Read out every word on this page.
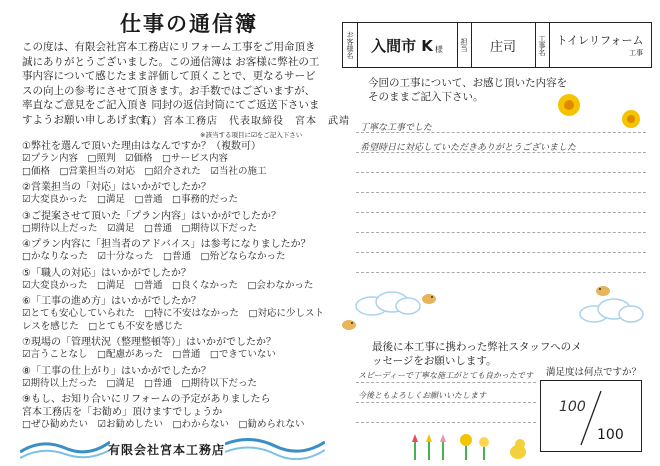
仕事の通信簿
この度は、有限会社宮本工務店にリフォーム工事をご用命頂き誠にありがとうございました。この通信簿は お客様に弊社の工事内容について感じたまま評価して頂くことで、更なるサービスの向上の参考にさせて頂きます。お手数ではございますが、率直なご意見をご記入頂き 同封の返信封筒にてご返送下さいますようお願い申しあげます。
（有）宮本工務店　代表取締役　宮本　武靖
※該当する項目に☑をご記入下さい
①弊社を選んで頂いた理由はなんですか？（複数可）
☑プラン内容　□照判　☑価格　□サービス内容
□価格　□営業担当の対応　□紹介された　☑当社の施工
②営業担当の「対応」はいかがでしたか？
☑大変良かった　□満足　□普通　□事務的だった
③ご提案させて頂いた「プラン内容」はいかがでしたか？
□期待以上だった　☑満足　□普通　□期待以下だった
④プラン内容に「担当者のアドバイス」は参考になりましたか？
□かなりなった　☑十分なった　□普通　□殆どならなかった
⑤「職人の対応」はいかがでしたか？
☑大変良かった　□満足　□普通　□良くなかった　□会わなかった
⑥「工事の進め方」はいかがでしたか？
☑とても安心していられた　□特に不安はなかった　□対応に少しスト
レスを感じた　□とても不安を感じた
⑦現場の「管理状況（整理整頓等）」はいかがでしたか？
☑言うことなし　□配慮があった　□普通　□できていない
⑧「工事の仕上がり」はいかがでしたか？
☑期待以上だった　□満足　□普通　□期待以下だった
⑨もし、お知り合いにリフォームの予定がありましたら
宮本工務店を「お勧め」頂けますでしょうか
□ぜひ勧めたい　☑お勧めしたい　□わからない　□勧められない
有限会社宮本工務店
お客様名 入間市 K 様 担当 庄司	工事名 トイレリフォーム
工事
今回の工事について、お感じ頂いた内容をそのままご記入下さい。
丁寧な工事でした
希望時日に対応していただきありがとうございました
最後に本工事に携わった弊社スタッフへのメッセージをお願いします。
満足度は何点ですか？
スピーディーで丁寧な施工がとても良かったです
今後ともよろしくお願いいたします
100
100
